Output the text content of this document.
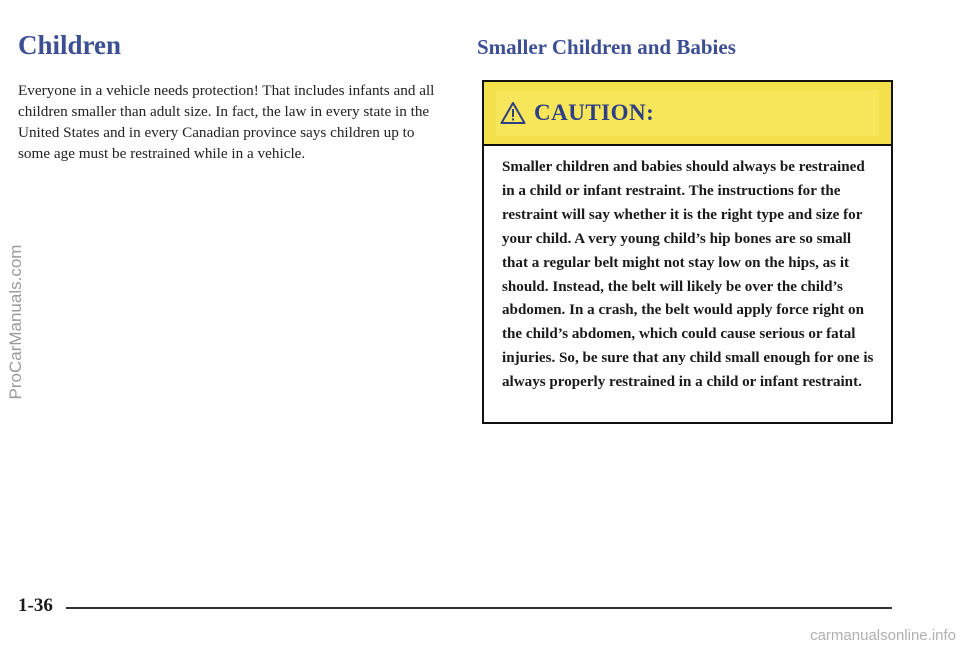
Children

Everyone in a vehicle needs protection! That includes infants and all children smaller than adult size. In fact, the law in every state in the United States and in every Canadian province says children up to some age must be restrained while in a vehicle.

Smaller Children and Babies
CAUTION:

Smaller children and babies should always be restrained in a child or infant restraint. The instructions for the restraint will say whether it is the right type and size for your child. A very young child’s hip bones are so small that a regular belt might not stay low on the hips, as it should. Instead, the belt will likely be over the child’s abdomen. In a crash, the belt would apply force right on the child’s abdomen, which could cause serious or fatal injuries. So, be sure that any child small enough for one is always properly restrained in a child or infant restraint.

ProCarManuals.com
1-36
carmanualsonline.info
